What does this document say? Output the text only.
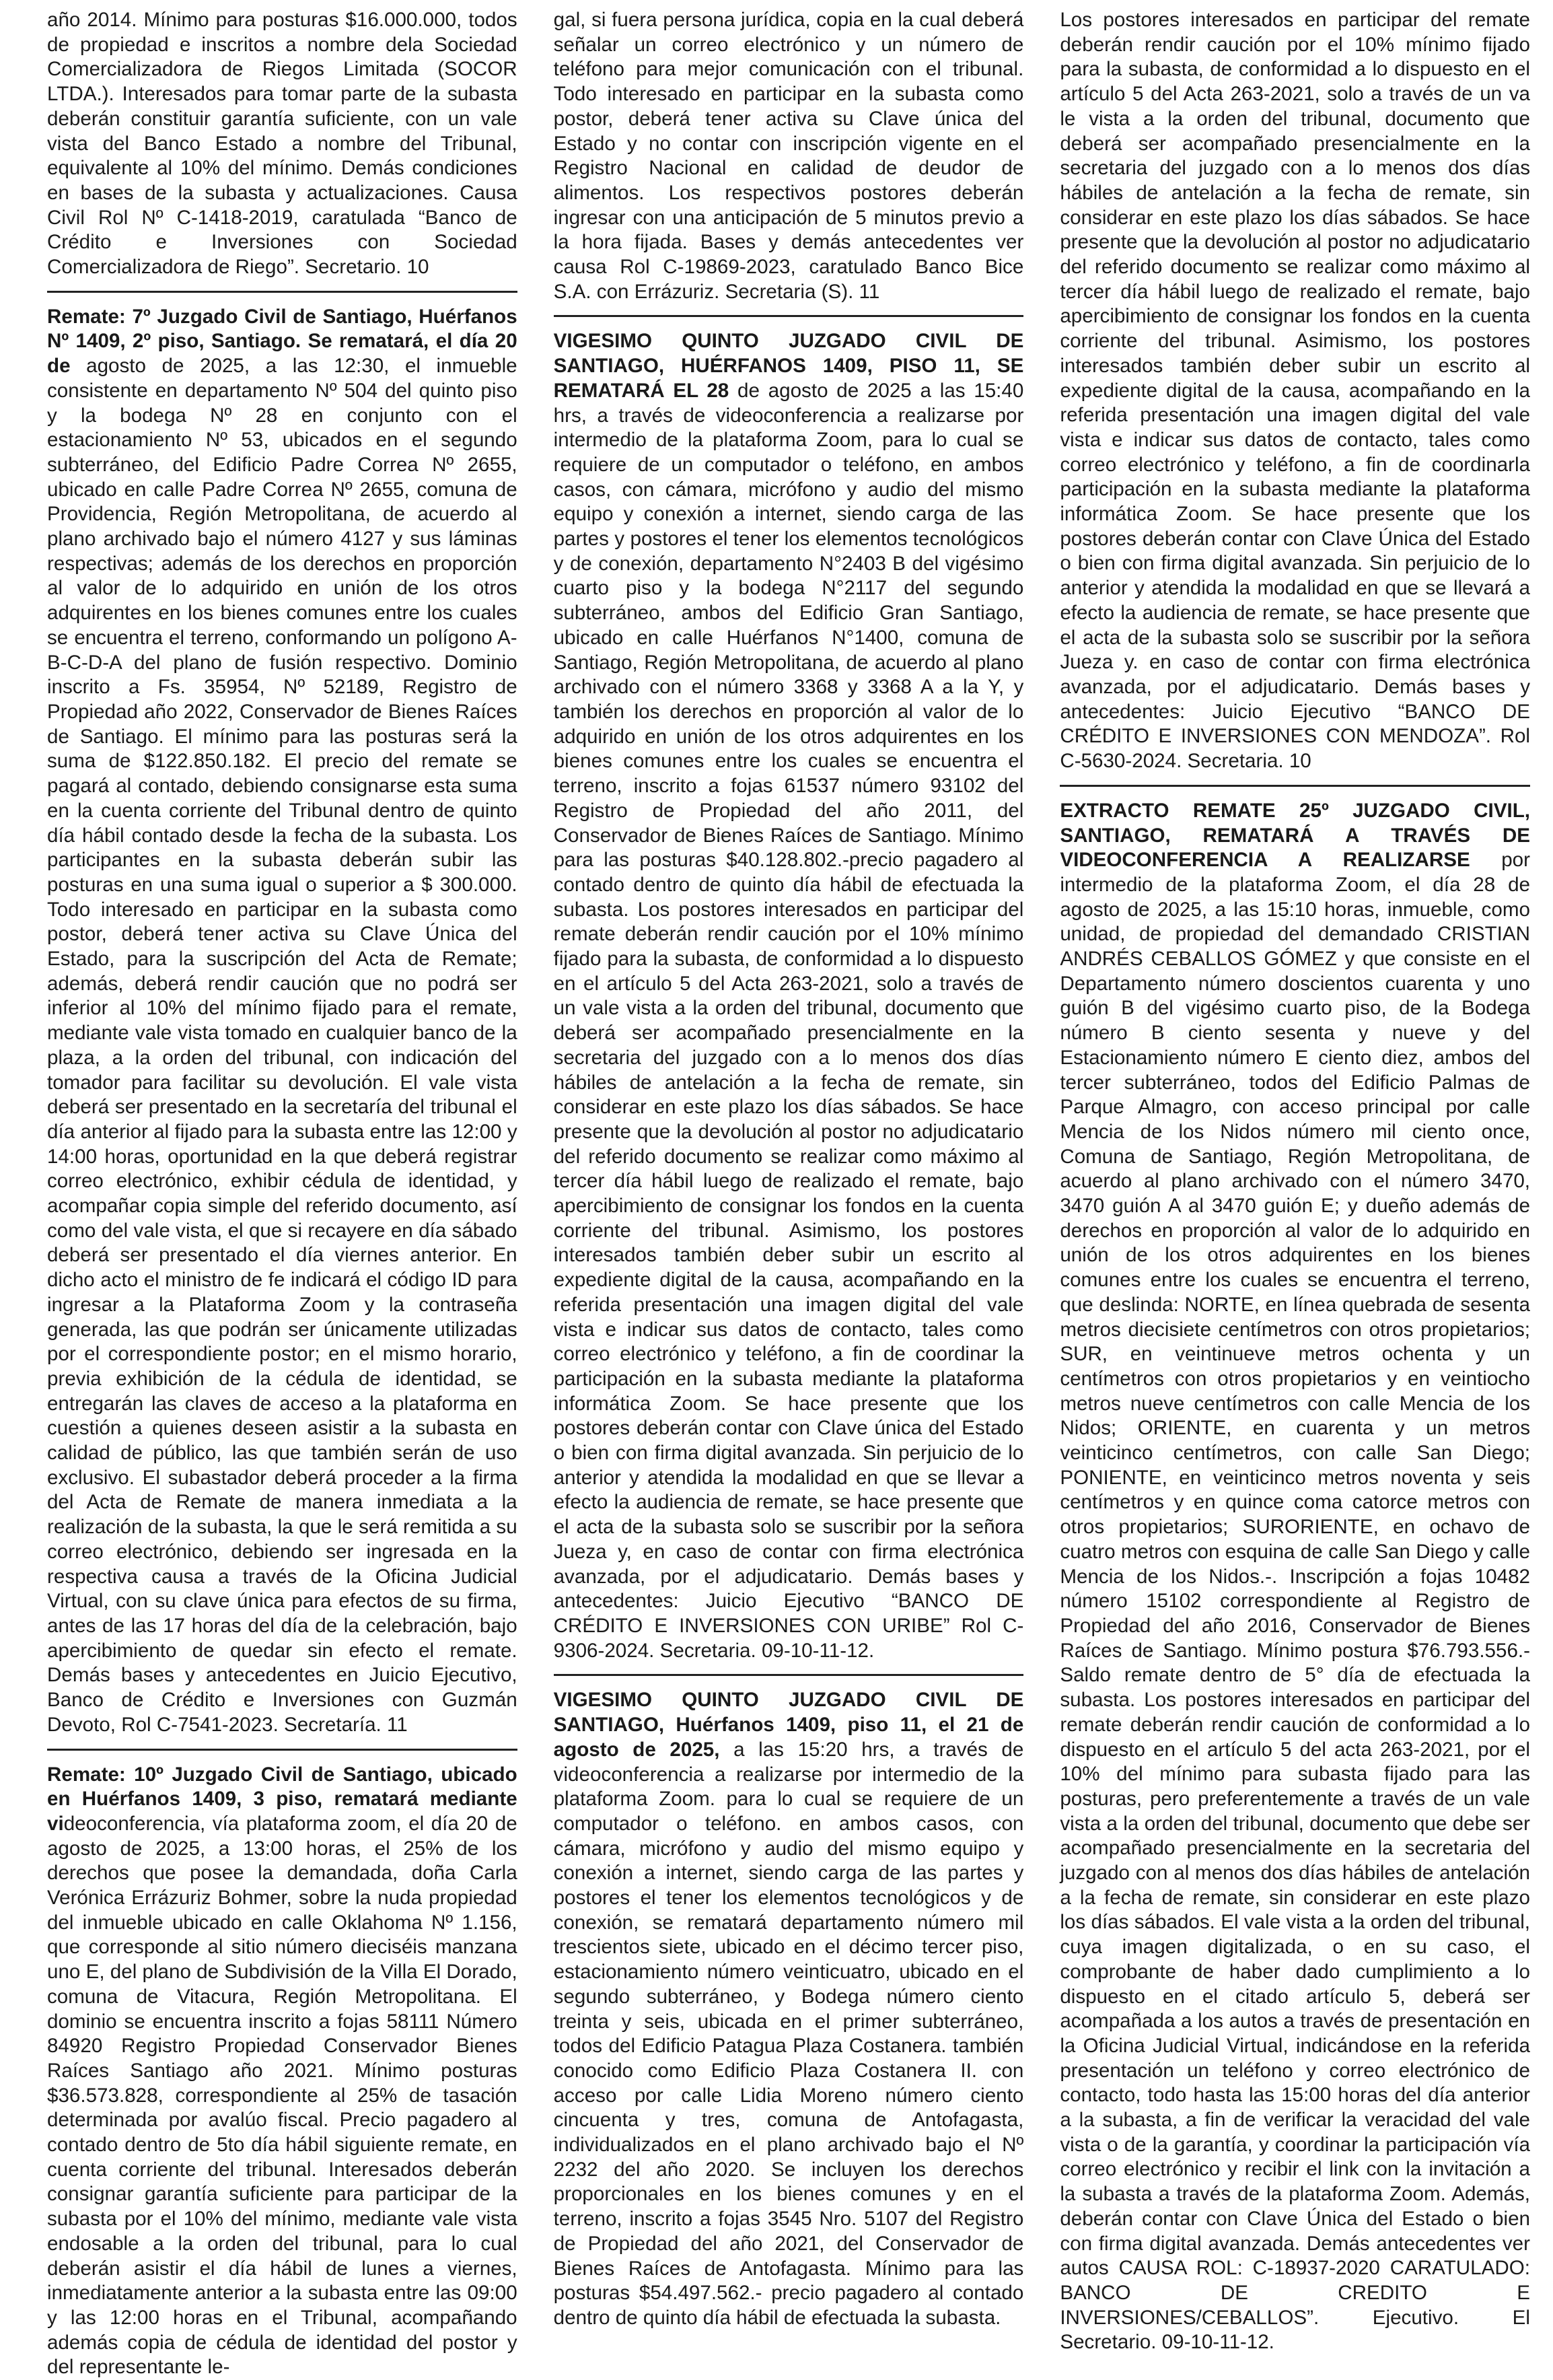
año 2014. Mínimo para posturas $16.000.000, todos de propiedad e inscritos a nombre dela Sociedad Comercializadora de Riegos Limitada (SOCOR LTDA.). Interesados para tomar parte de la subasta deberán constituir garantía suficiente, con un vale vista del Banco Estado a nombre del Tribunal, equivalente al 10% del mínimo. Demás condiciones en bases de la subasta y actualizaciones. Causa Civil Rol Nº C-1418-2019, caratulada “Banco de Crédito e Inversiones con Sociedad Comercializadora de Riego”. Secretario. 10

Remate: 7º Juzgado Civil de Santiago, Huérfanos Nº 1409, 2º piso, Santiago. Se rematará, el día 20 de agosto de 2025, a las 12:30, el inmueble consistente en departamento Nº 504 del quinto piso y la bodega Nº 28 en conjunto con el estacionamiento Nº 53, ubicados en el segundo subterráneo, del Edificio Padre Correa Nº 2655, ubicado en calle Padre Correa Nº 2655, comuna de Providencia, Región Metropolitana, de acuerdo al plano archivado bajo el número 4127 y sus láminas respectivas; además de los derechos en proporción al valor de lo adquirido en unión de los otros adquirentes en los bienes comunes entre los cuales se encuentra el terreno, conformando un polígono A-B-C-D-A del plano de fusión respectivo. Dominio inscrito a Fs. 35954, Nº 52189, Registro de Propiedad año 2022, Conservador de Bienes Raíces de Santiago. El mínimo para las posturas será la suma de $122.850.182. El precio del remate se pagará al contado, debiendo consignarse esta suma en la cuenta corriente del Tribunal dentro de quinto día hábil contado desde la fecha de la subasta. Los participantes en la subasta deberán subir las posturas en una suma igual o superior a $ 300.000. Todo interesado en participar en la subasta como postor, deberá tener activa su Clave Única del Estado, para la suscripción del Acta de Remate; además, deberá rendir caución que no podrá ser inferior al 10% del mínimo fijado para el remate, mediante vale vista tomado en cualquier banco de la plaza, a la orden del tribunal, con indicación del tomador para facilitar su devolución. El vale vista deberá ser presentado en la secretaría del tribunal el día anterior al fijado para la subasta entre las 12:00 y 14:00 horas, oportunidad en la que deberá registrar correo electrónico, exhibir cédula de identidad, y acompañar copia simple del referido documento, así como del vale vista, el que si recayere en día sábado deberá ser presentado el día viernes anterior. En dicho acto el ministro de fe indicará el código ID para ingresar a la Plataforma Zoom y la contraseña generada, las que podrán ser únicamente utilizadas por el correspondiente postor; en el mismo horario, previa exhibición de la cédula de identidad, se entregarán las claves de acceso a la plataforma en cuestión a quienes deseen asistir a la subasta en calidad de público, las que también serán de uso exclusivo. El subastador deberá proceder a la firma del Acta de Remate de manera inmediata a la realización de la subasta, la que le será remitida a su correo electrónico, debiendo ser ingresada en la respectiva causa a través de la Oficina Judicial Virtual, con su clave única para efectos de su firma, antes de las 17 horas del día de la celebración, bajo apercibimiento de quedar sin efecto el remate. Demás bases y antecedentes en Juicio Ejecutivo, Banco de Crédito e Inversiones con Guzmán Devoto, Rol C-7541-2023. Secretaría. 11

Remate: 10º Juzgado Civil de Santiago, ubicado en Huérfanos 1409, 3 piso, rematará mediante videoconferencia, vía plataforma zoom, el día 20 de agosto de 2025, a 13:00 horas, el 25% de los derechos que posee la demandada, doña Carla Verónica Errázuriz Bohmer, sobre la nuda propiedad del inmueble ubicado en calle Oklahoma Nº 1.156, que corresponde al sitio número dieciséis manzana uno E, del plano de Subdivisión de la Villa El Dorado, comuna de Vitacura, Región Metropolitana. El dominio se encuentra inscrito a fojas 58111 Número 84920 Registro Propiedad Conservador Bienes Raíces Santiago año 2021. Mínimo posturas $36.573.828, correspondiente al 25% de tasación determinada por avalúo fiscal. Precio pagadero al contado dentro de 5to día hábil siguiente remate, en cuenta corriente del tribunal. Interesados deberán consignar garantía suficiente para participar de la subasta por el 10% del mínimo, mediante vale vista endosable a la orden del tribunal, para lo cual deberán asistir el día hábil de lunes a viernes, inmediatamente anterior a la subasta entre las 09:00 y las 12:00 horas en el Tribunal, acompañando además copia de cédula de identidad del postor y del representante le-

gal, si fuera persona jurídica, copia en la cual deberá señalar un correo electrónico y un número de teléfono para mejor comunicación con el tribunal. Todo interesado en participar en la subasta como postor, deberá tener activa su Clave única del Estado y no contar con inscripción vigente en el Registro Nacional en calidad de deudor de alimentos. Los respectivos postores deberán ingresar con una anticipación de 5 minutos previo a la hora fijada. Bases y demás antecedentes ver causa Rol C-19869-2023, caratulado Banco Bice S.A. con Errázuriz. Secretaria (S). 11

VIGESIMO QUINTO JUZGADO CIVIL DE SANTIAGO, HUÉRFANOS 1409, PISO 11, SE REMATARÁ EL 28 de agosto de 2025 a las 15:40 hrs, a través de videoconferencia a realizarse por intermedio de la plataforma Zoom, para lo cual se requiere de un computador o teléfono, en ambos casos, con cámara, micrófono y audio del mismo equipo y conexión a internet, siendo carga de las partes y postores el tener los elementos tecnológicos y de conexión, departamento N°2403 B del vigésimo cuarto piso y la bodega N°2117 del segundo subterráneo, ambos del Edificio Gran Santiago, ubicado en calle Huérfanos N°1400, comuna de Santiago, Región Metropolitana, de acuerdo al plano archivado con el número 3368 y 3368 A a la Y, y también los derechos en proporción al valor de lo adquirido en unión de los otros adquirentes en los bienes comunes entre los cuales se encuentra el terreno, inscrito a fojas 61537 número 93102 del Registro de Propiedad del año 2011, del Conservador de Bienes Raíces de Santiago. Mínimo para las posturas $40.128.802.-precio pagadero al contado dentro de quinto día hábil de efectuada la subasta. Los postores interesados en participar del remate deberán rendir caución por el 10% mínimo fijado para la subasta, de conformidad a lo dispuesto en el artículo 5 del Acta 263-2021, solo a través de un vale vista a la orden del tribunal, documento que deberá ser acompañado presencialmente en la secretaria del juzgado con a lo menos dos días hábiles de antelación a la fecha de remate, sin considerar en este plazo los días sábados. Se hace presente que la devolución al postor no adjudicatario del referido documento se realizar como máximo al tercer día hábil luego de realizado el remate, bajo apercibimiento de consignar los fondos en la cuenta corriente del tribunal. Asimismo, los postores interesados también deber subir un escrito al expediente digital de la causa, acompañando en la referida presentación una imagen digital del vale vista e indicar sus datos de contacto, tales como correo electrónico y teléfono, a fin de coordinar la participación en la subasta mediante la plataforma informática Zoom. Se hace presente que los postores deberán contar con Clave única del Estado o bien con firma digital avanzada. Sin perjuicio de lo anterior y atendida la modalidad en que se llevar a efecto la audiencia de remate, se hace presente que el acta de la subasta solo se suscribir por la señora Jueza y, en caso de contar con firma electrónica avanzada, por el adjudicatario. Demás bases y antecedentes: Juicio Ejecutivo “BANCO DE CRÉDITO E INVERSIONES CON URIBE” Rol C-9306-2024. Secretaria. 09-10-11-12.

VIGESIMO QUINTO JUZGADO CIVIL DE SANTIAGO, Huérfanos 1409, piso 11, el 21 de agosto de 2025, a las 15:20 hrs, a través de videoconferencia a realizarse por intermedio de la plataforma Zoom. para lo cual se requiere de un computador o teléfono. en ambos casos, con cámara, micrófono y audio del mismo equipo y conexión a internet, siendo carga de las partes y postores el tener los elementos tecnológicos y de conexión, se rematará departamento número mil trescientos siete, ubicado en el décimo tercer piso, estacionamiento número veinticuatro, ubicado en el segundo subterráneo, y Bodega número ciento treinta y seis, ubicada en el primer subterráneo, todos del Edificio Patagua Plaza Costanera. también conocido como Edificio Plaza Costanera II. con acceso por calle Lidia Moreno número ciento cincuenta y tres, comuna de Antofagasta, individualizados en el plano archivado bajo el Nº 2232 del año 2020. Se incluyen los derechos proporcionales en los bienes comunes y en el terreno, inscrito a fojas 3545 Nro. 5107 del Registro de Propiedad del año 2021, del Conservador de Bienes Raíces de Antofagasta. Mínimo para las posturas $54.497.562.- precio pagadero al contado dentro de quinto día hábil de efectuada la subasta.

Los postores interesados en participar del remate deberán rendir caución por el 10% mínimo fijado para la subasta, de conformidad a lo dispuesto en el artículo 5 del Acta 263-2021, solo a través de un va le vista a la orden del tribunal, documento que deberá ser acompañado presencialmente en la secretaria del juzgado con a lo menos dos días hábiles de antelación a la fecha de remate, sin considerar en este plazo los días sábados. Se hace presente que la devolución al postor no adjudicatario del referido documento se realizar como máximo al tercer día hábil luego de realizado el remate, bajo apercibimiento de consignar los fondos en la cuenta corriente del tribunal. Asimismo, los postores interesados también deber subir un escrito al expediente digital de la causa, acompañando en la referida presentación una imagen digital del vale vista e indicar sus datos de contacto, tales como correo electrónico y teléfono, a fin de coordinarla participación en la subasta mediante la plataforma informática Zoom. Se hace presente que los postores deberán contar con Clave Única del Estado o bien con firma digital avanzada. Sin perjuicio de lo anterior y atendida la modalidad en que se llevará a efecto la audiencia de remate, se hace presente que el acta de la subasta solo se suscribir por la señora Jueza y. en caso de contar con firma electrónica avanzada, por el adjudicatario. Demás bases y antecedentes: Juicio Ejecutivo “BANCO DE CRÉDITO E INVERSIONES CON MENDOZA”. Rol C-5630-2024. Secretaria. 10

EXTRACTO REMATE 25º JUZGADO CIVIL, SANTIAGO, REMATARÁ A TRAVÉS DE VIDEOCONFERENCIA A REALIZARSE por intermedio de la plataforma Zoom, el día 28 de agosto de 2025, a las 15:10 horas, inmueble, como unidad, de propiedad del demandado CRISTIAN ANDRÉS CEBALLOS GÓMEZ y que consiste en el Departamento número doscientos cuarenta y uno guión B del vigésimo cuarto piso, de la Bodega número B ciento sesenta y nueve y del Estacionamiento número E ciento diez, ambos del tercer subterráneo, todos del Edificio Palmas de Parque Almagro, con acceso principal por calle Mencia de los Nidos número mil ciento once, Comuna de Santiago, Región Metropolitana, de acuerdo al plano archivado con el número 3470, 3470 guión A al 3470 guión E; y dueño además de derechos en proporción al valor de lo adquirido en unión de los otros adquirentes en los bienes comunes entre los cuales se encuentra el terreno, que deslinda: NORTE, en línea quebrada de sesenta metros diecisiete centímetros con otros propietarios; SUR, en veintinueve metros ochenta y un centímetros con otros propietarios y en veintiocho metros nueve centímetros con calle Mencia de los Nidos; ORIENTE, en cuarenta y un metros veinticinco centímetros, con calle San Diego; PONIENTE, en veinticinco metros noventa y seis centímetros y en quince coma catorce metros con otros propietarios; SURORIENTE, en ochavo de cuatro metros con esquina de calle San Diego y calle Mencia de los Nidos.-. Inscripción a fojas 10482 número 15102 correspondiente al Registro de Propiedad del año 2016, Conservador de Bienes Raíces de Santiago. Mínimo postura $76.793.556.- Saldo remate dentro de 5° día de efectuada la subasta. Los postores interesados en participar del remate deberán rendir caución de conformidad a lo dispuesto en el artículo 5 del acta 263-2021, por el 10% del mínimo para subasta fijado para las posturas, pero preferentemente a través de un vale vista a la orden del tribunal, documento que debe ser acompañado presencialmente en la secretaria del juzgado con al menos dos días hábiles de antelación a la fecha de remate, sin considerar en este plazo los días sábados. El vale vista a la orden del tribunal, cuya imagen digitalizada, o en su caso, el comprobante de haber dado cumplimiento a lo dispuesto en el citado artículo 5, deberá ser acompañada a los autos a través de presentación en la Oficina Judicial Virtual, indicándose en la referida presentación un teléfono y correo electrónico de contacto, todo hasta las 15:00 horas del día anterior a la subasta, a fin de verificar la veracidad del vale vista o de la garantía, y coordinar la participación vía correo electrónico y recibir el link con la invitación a la subasta a través de la plataforma Zoom. Además, deberán contar con Clave Única del Estado o bien con firma digital avanzada. Demás antecedentes ver autos CAUSA ROL: C-18937-2020 CARATULADO: BANCO DE CREDITO E INVERSIONES/CEBALLOS”. Ejecutivo. El Secretario. 09-10-11-12.
